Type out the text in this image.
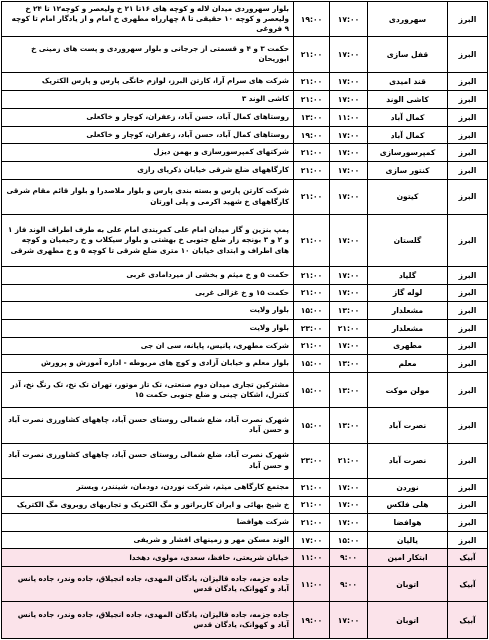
البرز
سهروردی
۱۷:۰۰
۱۹:۰۰
بلوار سهروردی میدان لاله و کوچه های ۱۶تا ۲۱ خ ولیعصر و کوچه۱۲ تا ۲۴ خ ولیعصر و کوچه ۱۰ حقیقی تا ۸ چهارراه مطهری خ امام و از یادگار امام تا کوچه ۹ فروغی
البرز
قفل سازی
۱۷:۰۰
۲۱:۰۰
حکمت ۳ و ۴ و قسمتی از جرجانی و بلوار سهروردی و پست های زمینی خ ابوریحان
البرز
قند امیدی
۱۷:۰۰
۲۱:۰۰
شرکت های سرام آرا، کارتن البرز، لوازم خانگی پارس و پارس الکتریک
البرز
کاشی الوند
۱۷:۰۰
۲۱:۰۰
کاشی الوند ۳
البرز
کمال آباد
۱۱:۰۰
۱۳:۰۰
روستاهای کمال آباد، حسن آباد، زعفران، کوچار و خاکعلی
البرز
کمال آباد
۱۷:۰۰
۱۹:۰۰
روستاهای کمال آباد، حسن آباد، زعفران، کوچار و خاکعلی
البرز
کمپرسورسازی
۱۷:۰۰
۲۱:۰۰
شرکتهای کمپرسورسازی و بهمن دیزل
البرز
کنتور سازی
۱۷:۰۰
۲۱:۰۰
کارگاههای ضلع شرقی خیابان ذکریای رازی
البرز
کیتون
۱۷:۰۰
۲۱:۰۰
شرکت کارتن پارس و بسته بندی پارس و بلوار ملاصدرا و بلوار قائم مقام شرقی کارگاههای خ شهید اکرمی و پلی اورتان
البرز
گلستان
۱۷:۰۰
۲۱:۰۰
پمپ بنزین و گاز میدان امام علی کمربندی امام علی به طرف اطراف الوند فاز ۱ و ۲ و ۳ بونجه زار ضلع جنوبی خ بهشتی و بلوار سیکلاب و خ رحیمیان و کوچه های اطراف و ابتدای خیابان ۱۰ متری ضلع شرقی تا کوچه ۵ و خ مطهری شرقی
البرز
گلیاد
۱۷:۰۰
۲۱:۰۰
حکمت ۵ و خ میثم و بخشی از میردامادی غربی
البرز
لوله گاز
۱۷:۰۰
۲۱:۰۰
حکمت ۱۵ و خ غزالی غربی
البرز
مشعلدار
۱۳:۰۰
۱۵:۰۰
بلوار ولایت
البرز
مشعلدار
۲۱:۰۰
۲۳:۰۰
بلوار ولایت
البرز
مطهری
۱۷:۰۰
۲۱:۰۰
شرکت مطهری، پانیس، پایانه، سی ان جی
البرز
معلم
۱۳:۰۰
۱۵:۰۰
بلوار معلم و خیابان آزادی و کوچ های مربوطه - اداره آموزش و پرورش
البرز
مولن موکت
۱۳:۰۰
۱۵:۰۰
مشترکین تجاری میدان دوم صنعتی، تک تاز موتور، تهران تک نخ، تک رنگ نخ، آذر کنترل، اشکان چینی و ضلع جنوبی حکمت ۱۵
البرز
نصرت آباد
۱۳:۰۰
۱۵:۰۰
شهرک نصرت آباد، ضلع شمالی روستای حسن آباد، چاههای کشاورزی نصرت آباد و حسن آباد
البرز
نصرت آباد
۲۱:۰۰
۲۳:۰۰
شهرک نصرت آباد، ضلع شمالی روستای حسن آباد، چاههای کشاورزی نصرت آباد و حسن آباد
البرز
نوردن
۱۷:۰۰
۲۱:۰۰
مجتمع کارگاهی میثم، شرکت نوردن، دودمان، شینندر، ویستر
البرز
هلی فلکس
۱۷:۰۰
۲۱:۰۰
خ شیخ بهائی و ایران کاربراتور و مگ الکتریک و تجاریهای روبروی مگ الکتریک
البرز
هوافضا
۱۷:۰۰
۲۱:۰۰
شرکت هوافضا
البرز
یالیان
۱۵:۰۰
۱۷:۰۰
الوند مسکن مهر و زمینهای افشار و شریفی
آبیک
ابتکار امین
۹:۰۰
۱۱:۰۰
خیابان شریعتی، حافظ، سعدی، مولوی، دهخدا
آبیک
اتوبان
۹:۰۰
۱۱:۰۰
جاده جزمه، جاده قالیزان، یادگان المهدی، جاده انجیلاق، جاده وندر، جاده یانس آباد و کهوانک، یادگان قدس
آبیک
اتوبان
۱۷:۰۰
۱۹:۰۰
جاده جزمه، جاده قالیزان، یادگان المهدی، جاده انجیلاق، جاده وندر، جاده یانس آباد و کهوانک، یادگان قدس
